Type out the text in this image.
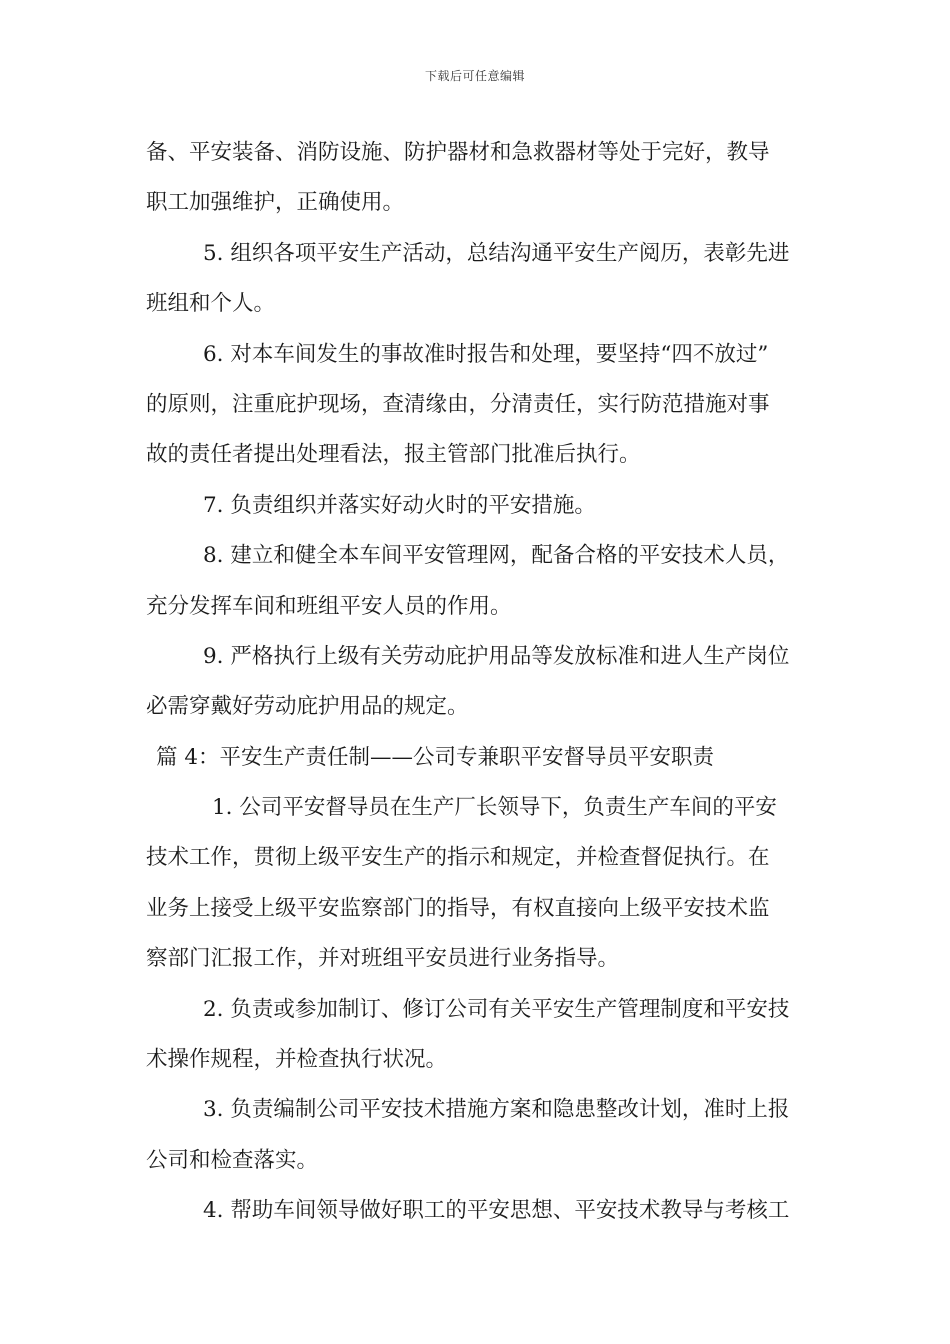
下载后可任意编辑
备、平安装备、消防设施、防护器材和急救器材等处于完好，教导
职工加强维护，正确使用。
5. 组织各项平安生产活动，总结沟通平安生产阅历，表彰先进
班组和个人。
6. 对本车间发生的事故准时报告和处理，要坚持“四不放过”
的原则，注重庇护现场，查清缘由，分清责任，实行防范措施对事
故的责任者提出处理看法，报主管部门批准后执行。
7. 负责组织并落实好动火时的平安措施。
8. 建立和健全本车间平安管理网，配备合格的平安技术人员，
充分发挥车间和班组平安人员的作用。
9. 严格执行上级有关劳动庇护用品等发放标准和进人生产岗位
必需穿戴好劳动庇护用品的规定。
篇 4：平安生产责任制——公司专兼职平安督导员平安职责
1. 公司平安督导员在生产厂长领导下，负责生产车间的平安
技术工作，贯彻上级平安生产的指示和规定，并检查督促执行。在
业务上接受上级平安监察部门的指导，有权直接向上级平安技术监
察部门汇报工作，并对班组平安员进行业务指导。
2. 负责或参加制订、修订公司有关平安生产管理制度和平安技
术操作规程，并检查执行状况。
3. 负责编制公司平安技术措施方案和隐患整改计划，准时上报
公司和检查落实。
4. 帮助车间领导做好职工的平安思想、平安技术教导与考核工
